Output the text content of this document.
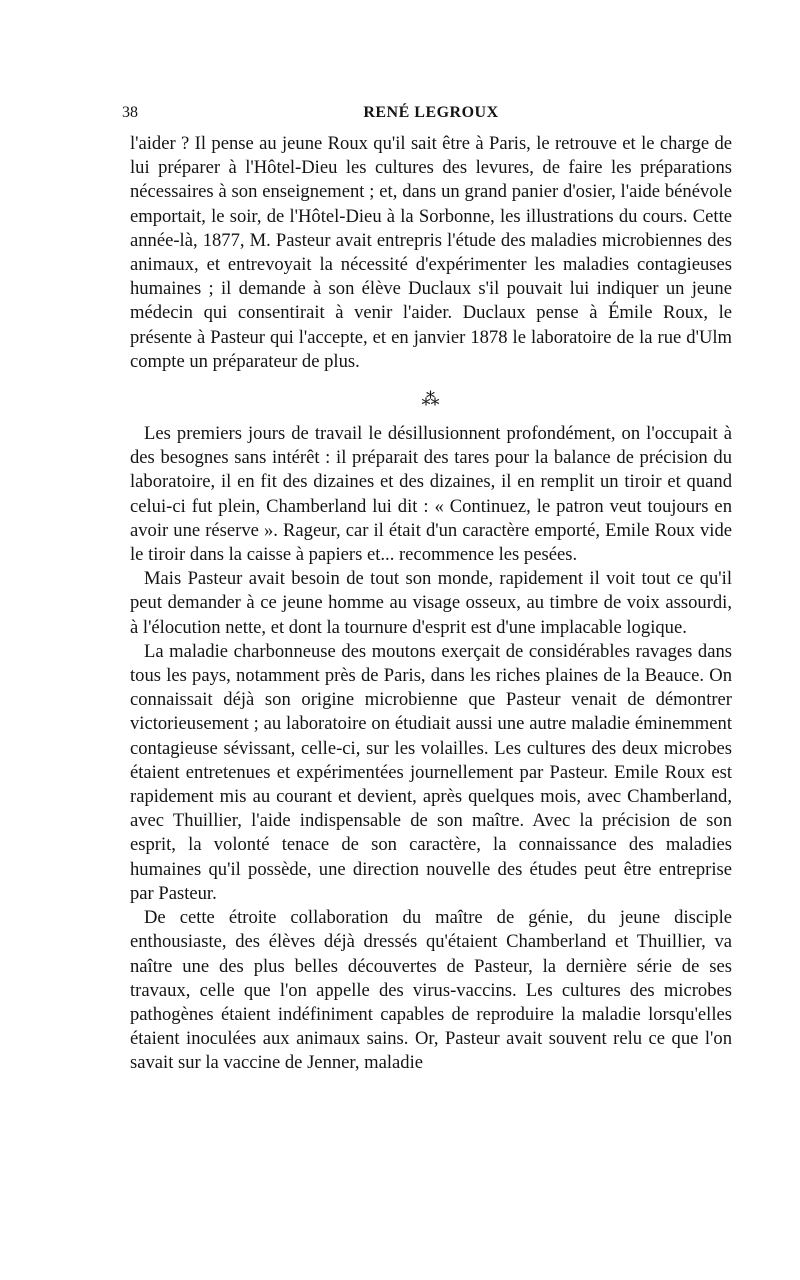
38	RENÉ LEGROUX

l'aider ? Il pense au jeune Roux qu'il sait être à Paris, le retrouve et le charge de lui préparer à l'Hôtel-Dieu les cultures des levures, de faire les préparations nécessaires à son enseignement ; et, dans un grand panier d'osier, l'aide bénévole emportait, le soir, de l'Hôtel-Dieu à la Sorbonne, les illustrations du cours. Cette année-là, 1877, M. Pasteur avait entrepris l'étude des maladies microbiennes des animaux, et entrevoyait la nécessité d'expérimenter les maladies contagieuses humaines ; il demande à son élève Duclaux s'il pouvait lui indiquer un jeune médecin qui consentirait à venir l'aider. Duclaux pense à Émile Roux, le présente à Pasteur qui l'accepte, et en janvier 1878 le laboratoire de la rue d'Ulm compte un préparateur de plus.

⁂

Les premiers jours de travail le désillusionnent profondément, on l'occupait à des besognes sans intérêt : il préparait des tares pour la balance de précision du laboratoire, il en fit des dizaines et des dizaines, il en remplit un tiroir et quand celui-ci fut plein, Chamberland lui dit : « Continuez, le patron veut toujours en avoir une réserve ». Rageur, car il était d'un caractère emporté, Emile Roux vide le tiroir dans la caisse à papiers et... recommence les pesées.

Mais Pasteur avait besoin de tout son monde, rapidement il voit tout ce qu'il peut demander à ce jeune homme au visage osseux, au timbre de voix assourdi, à l'élocution nette, et dont la tournure d'esprit est d'une implacable logique.

La maladie charbonneuse des moutons exerçait de considérables ravages dans tous les pays, notamment près de Paris, dans les riches plaines de la Beauce. On connaissait déjà son origine microbienne que Pasteur venait de démontrer victorieusement ; au laboratoire on étudiait aussi une autre maladie éminemment contagieuse sévissant, celle-ci, sur les volailles. Les cultures des deux microbes étaient entretenues et expérimentées journellement par Pasteur. Emile Roux est rapidement mis au courant et devient, après quelques mois, avec Chamberland, avec Thuillier, l'aide indispensable de son maître. Avec la précision de son esprit, la volonté tenace de son caractère, la connaissance des maladies humaines qu'il possède, une direction nouvelle des études peut être entreprise par Pasteur.

De cette étroite collaboration du maître de génie, du jeune disciple enthousiaste, des élèves déjà dressés qu'étaient Chamberland et Thuillier, va naître une des plus belles découvertes de Pasteur, la dernière série de ses travaux, celle que l'on appelle des virus-vaccins. Les cultures des microbes pathogènes étaient indéfiniment capables de reproduire la maladie lorsqu'elles étaient inoculées aux animaux sains. Or, Pasteur avait souvent relu ce que l'on savait sur la vaccine de Jenner, maladie
